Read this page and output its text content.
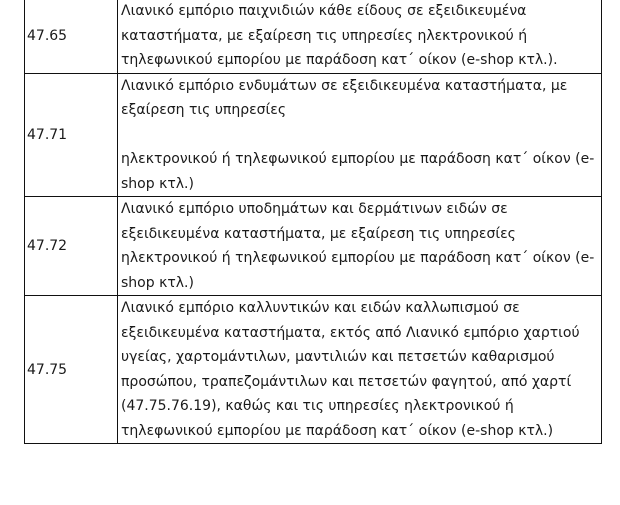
47.65

Λιανικό εμπόριο παιχνιδιών κάθε είδους σε εξειδικευμένα καταστήματα, με εξαίρεση τις υπηρεσίες ηλεκτρονικού ή τηλεφωνικού εμπορίου με παράδοση κατ΄ οίκον (e-shop κτλ.).

47.71

Λιανικό εμπόριο ενδυμάτων σε εξειδικευμένα καταστήματα, με εξαίρεση τις υπηρεσίες

ηλεκτρονικού ή τηλεφωνικού εμπορίου με παράδοση κατ΄ οίκον (e-shop κτλ.)

47.72

Λιανικό εμπόριο υποδημάτων και δερμάτινων ειδών σε εξειδικευμένα καταστήματα, με εξαίρεση τις υπηρεσίες ηλεκτρονικού ή τηλεφωνικού εμπορίου με παράδοση κατ΄ οίκον (e-shop κτλ.)

47.75

Λιανικό εμπόριο καλλυντικών και ειδών καλλωπισμού σε εξειδικευμένα καταστήματα, εκτός από Λιανικό εμπόριο χαρτιού υγείας, χαρτομάντιλων, μαντιλιών και πετσετών καθαρισμού προσώπου, τραπεζομάντιλων και πετσετών φαγητού, από χαρτί (47.75.76.19), καθώς και τις υπηρεσίες ηλεκτρονικού ή τηλεφωνικού εμπορίου με παράδοση κατ΄ οίκον (e-shop κτλ.)
